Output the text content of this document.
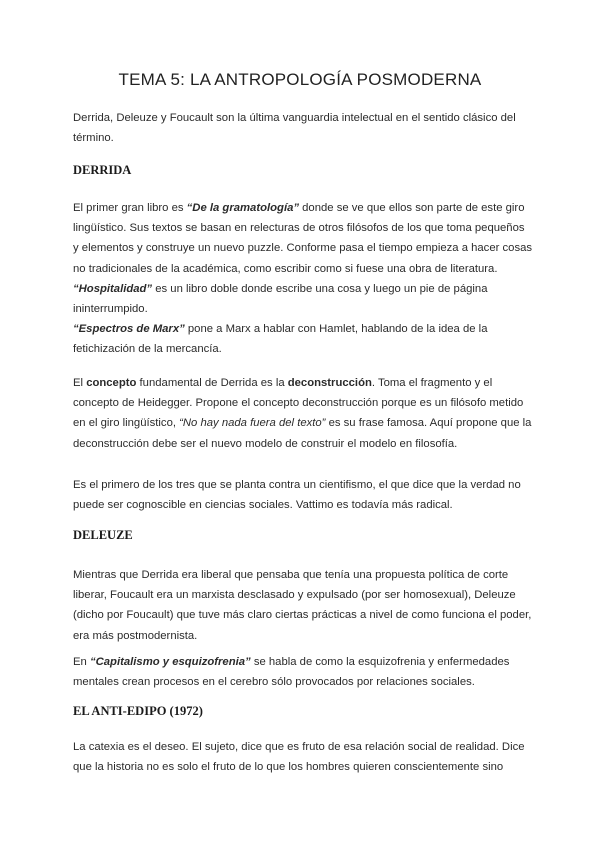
TEMA 5: LA ANTROPOLOGÍA POSMODERNA

Derrida, Deleuze y Foucault son la última vanguardia intelectual en el sentido clásico del término.

DERRIDA

El primer gran libro es “De la gramatología” donde se ve que ellos son parte de este giro lingüístico. Sus textos se basan en relecturas de otros filósofos de los que toma pequeños y elementos y construye un nuevo puzzle. Conforme pasa el tiempo empieza a hacer cosas no tradicionales de la académica, como escribir como si fuese una obra de literatura. “Hospitalidad” es un libro doble donde escribe una cosa y luego un pie de página ininterrumpido.

“Espectros de Marx” pone a Marx a hablar con Hamlet, hablando de la idea de la fetichización de la mercancía.

El concepto fundamental de Derrida es la deconstrucción. Toma el fragmento y el concepto de Heidegger. Propone el concepto deconstrucción porque es un filósofo metido en el giro lingüístico, “No hay nada fuera del texto” es su frase famosa. Aquí propone que la deconstrucción debe ser el nuevo modelo de construir el modelo en filosofía.

Es el primero de los tres que se planta contra un cientifismo, el que dice que la verdad no puede ser cognoscible en ciencias sociales. Vattimo es todavía más radical.

DELEUZE

Mientras que Derrida era liberal que pensaba que tenía una propuesta política de corte liberar, Foucault era un marxista desclasado y expulsado (por ser homosexual), Deleuze (dicho por Foucault) que tuve más claro ciertas prácticas a nivel de como funciona el poder, era más postmodernista.

En “Capitalismo y esquizofrenia” se habla de como la esquizofrenia y enfermedades mentales crean procesos en el cerebro sólo provocados por relaciones sociales.

EL ANTI-EDIPO (1972)

La catexia es el deseo. El sujeto, dice que es fruto de esa relación social de realidad. Dice que la historia no es solo el fruto de lo que los hombres quieren conscientemente sino
